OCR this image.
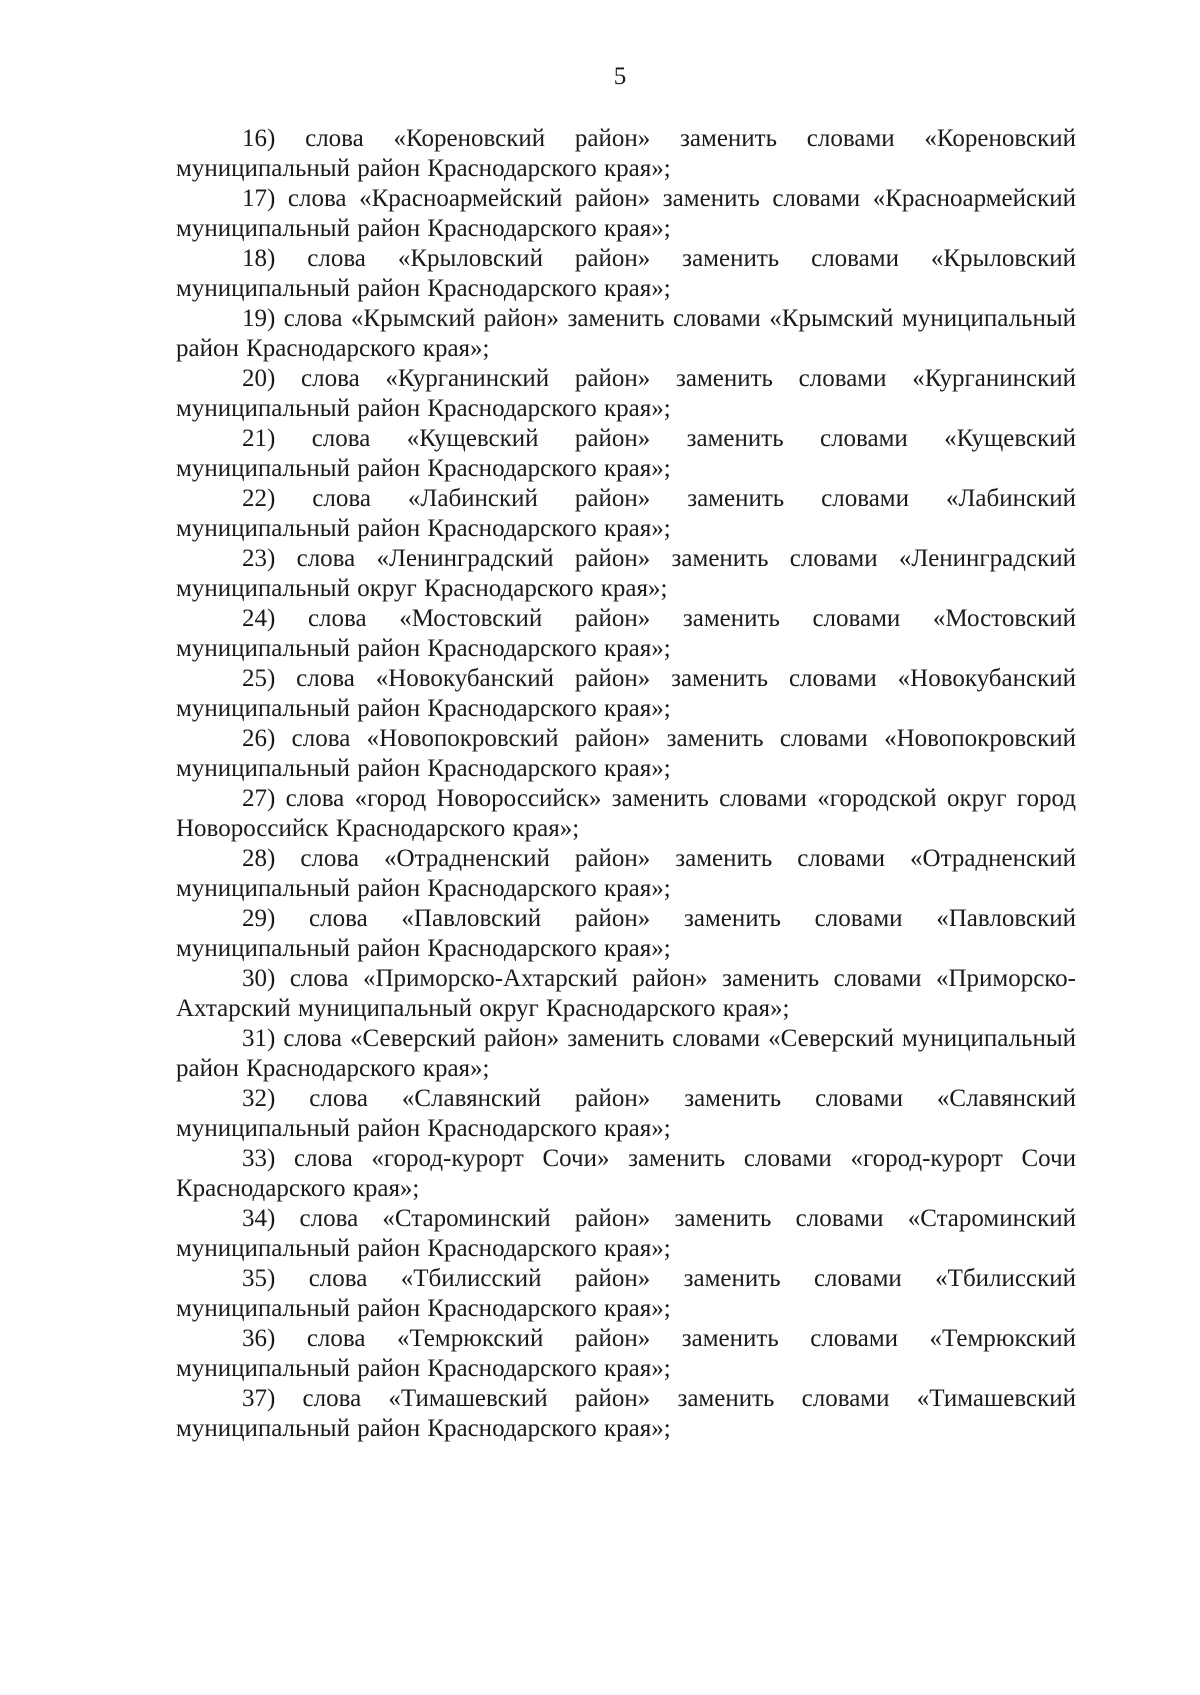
5

16) слова «Кореновский район» заменить словами «Кореновский муниципальный район Краснодарского края»;

17) слова «Красноармейский район» заменить словами «Красноармейский муниципальный район Краснодарского края»;

18) слова «Крыловский район» заменить словами «Крыловский муниципальный район Краснодарского края»;

19) слова «Крымский район» заменить словами «Крымский муниципальный район Краснодарского края»;

20) слова «Курганинский район» заменить словами «Курганинский муниципальный район Краснодарского края»;

21) слова «Кущевский район» заменить словами «Кущевский муниципальный район Краснодарского края»;

22) слова «Лабинский район» заменить словами «Лабинский муниципальный район Краснодарского края»;

23) слова «Ленинградский район» заменить словами «Ленинградский муниципальный округ Краснодарского края»;

24) слова «Мостовский район» заменить словами «Мостовский муниципальный район Краснодарского края»;

25) слова «Новокубанский район» заменить словами «Новокубанский муниципальный район Краснодарского края»;

26) слова «Новопокровский район» заменить словами «Новопокровский муниципальный район Краснодарского края»;

27) слова «город Новороссийск» заменить словами «городской округ город Новороссийск Краснодарского края»;

28) слова «Отрадненский район» заменить словами «Отрадненский муниципальный район Краснодарского края»;

29) слова «Павловский район» заменить словами «Павловский муниципальный район Краснодарского края»;

30) слова «Приморско-Ахтарский район» заменить словами «Приморско-Ахтарский муниципальный округ Краснодарского края»;

31) слова «Северский район» заменить словами «Северский муниципальный район Краснодарского края»;

32) слова «Славянский район» заменить словами «Славянский муниципальный район Краснодарского края»;

33) слова «город-курорт Сочи» заменить словами «город-курорт Сочи Краснодарского края»;

34) слова «Староминский район» заменить словами «Староминский муниципальный район Краснодарского края»;

35) слова «Тбилисский район» заменить словами «Тбилисский муниципальный район Краснодарского края»;

36) слова «Темрюкский район» заменить словами «Темрюкский муниципальный район Краснодарского края»;

37) слова «Тимашевский район» заменить словами «Тимашевский муниципальный район Краснодарского края»;
